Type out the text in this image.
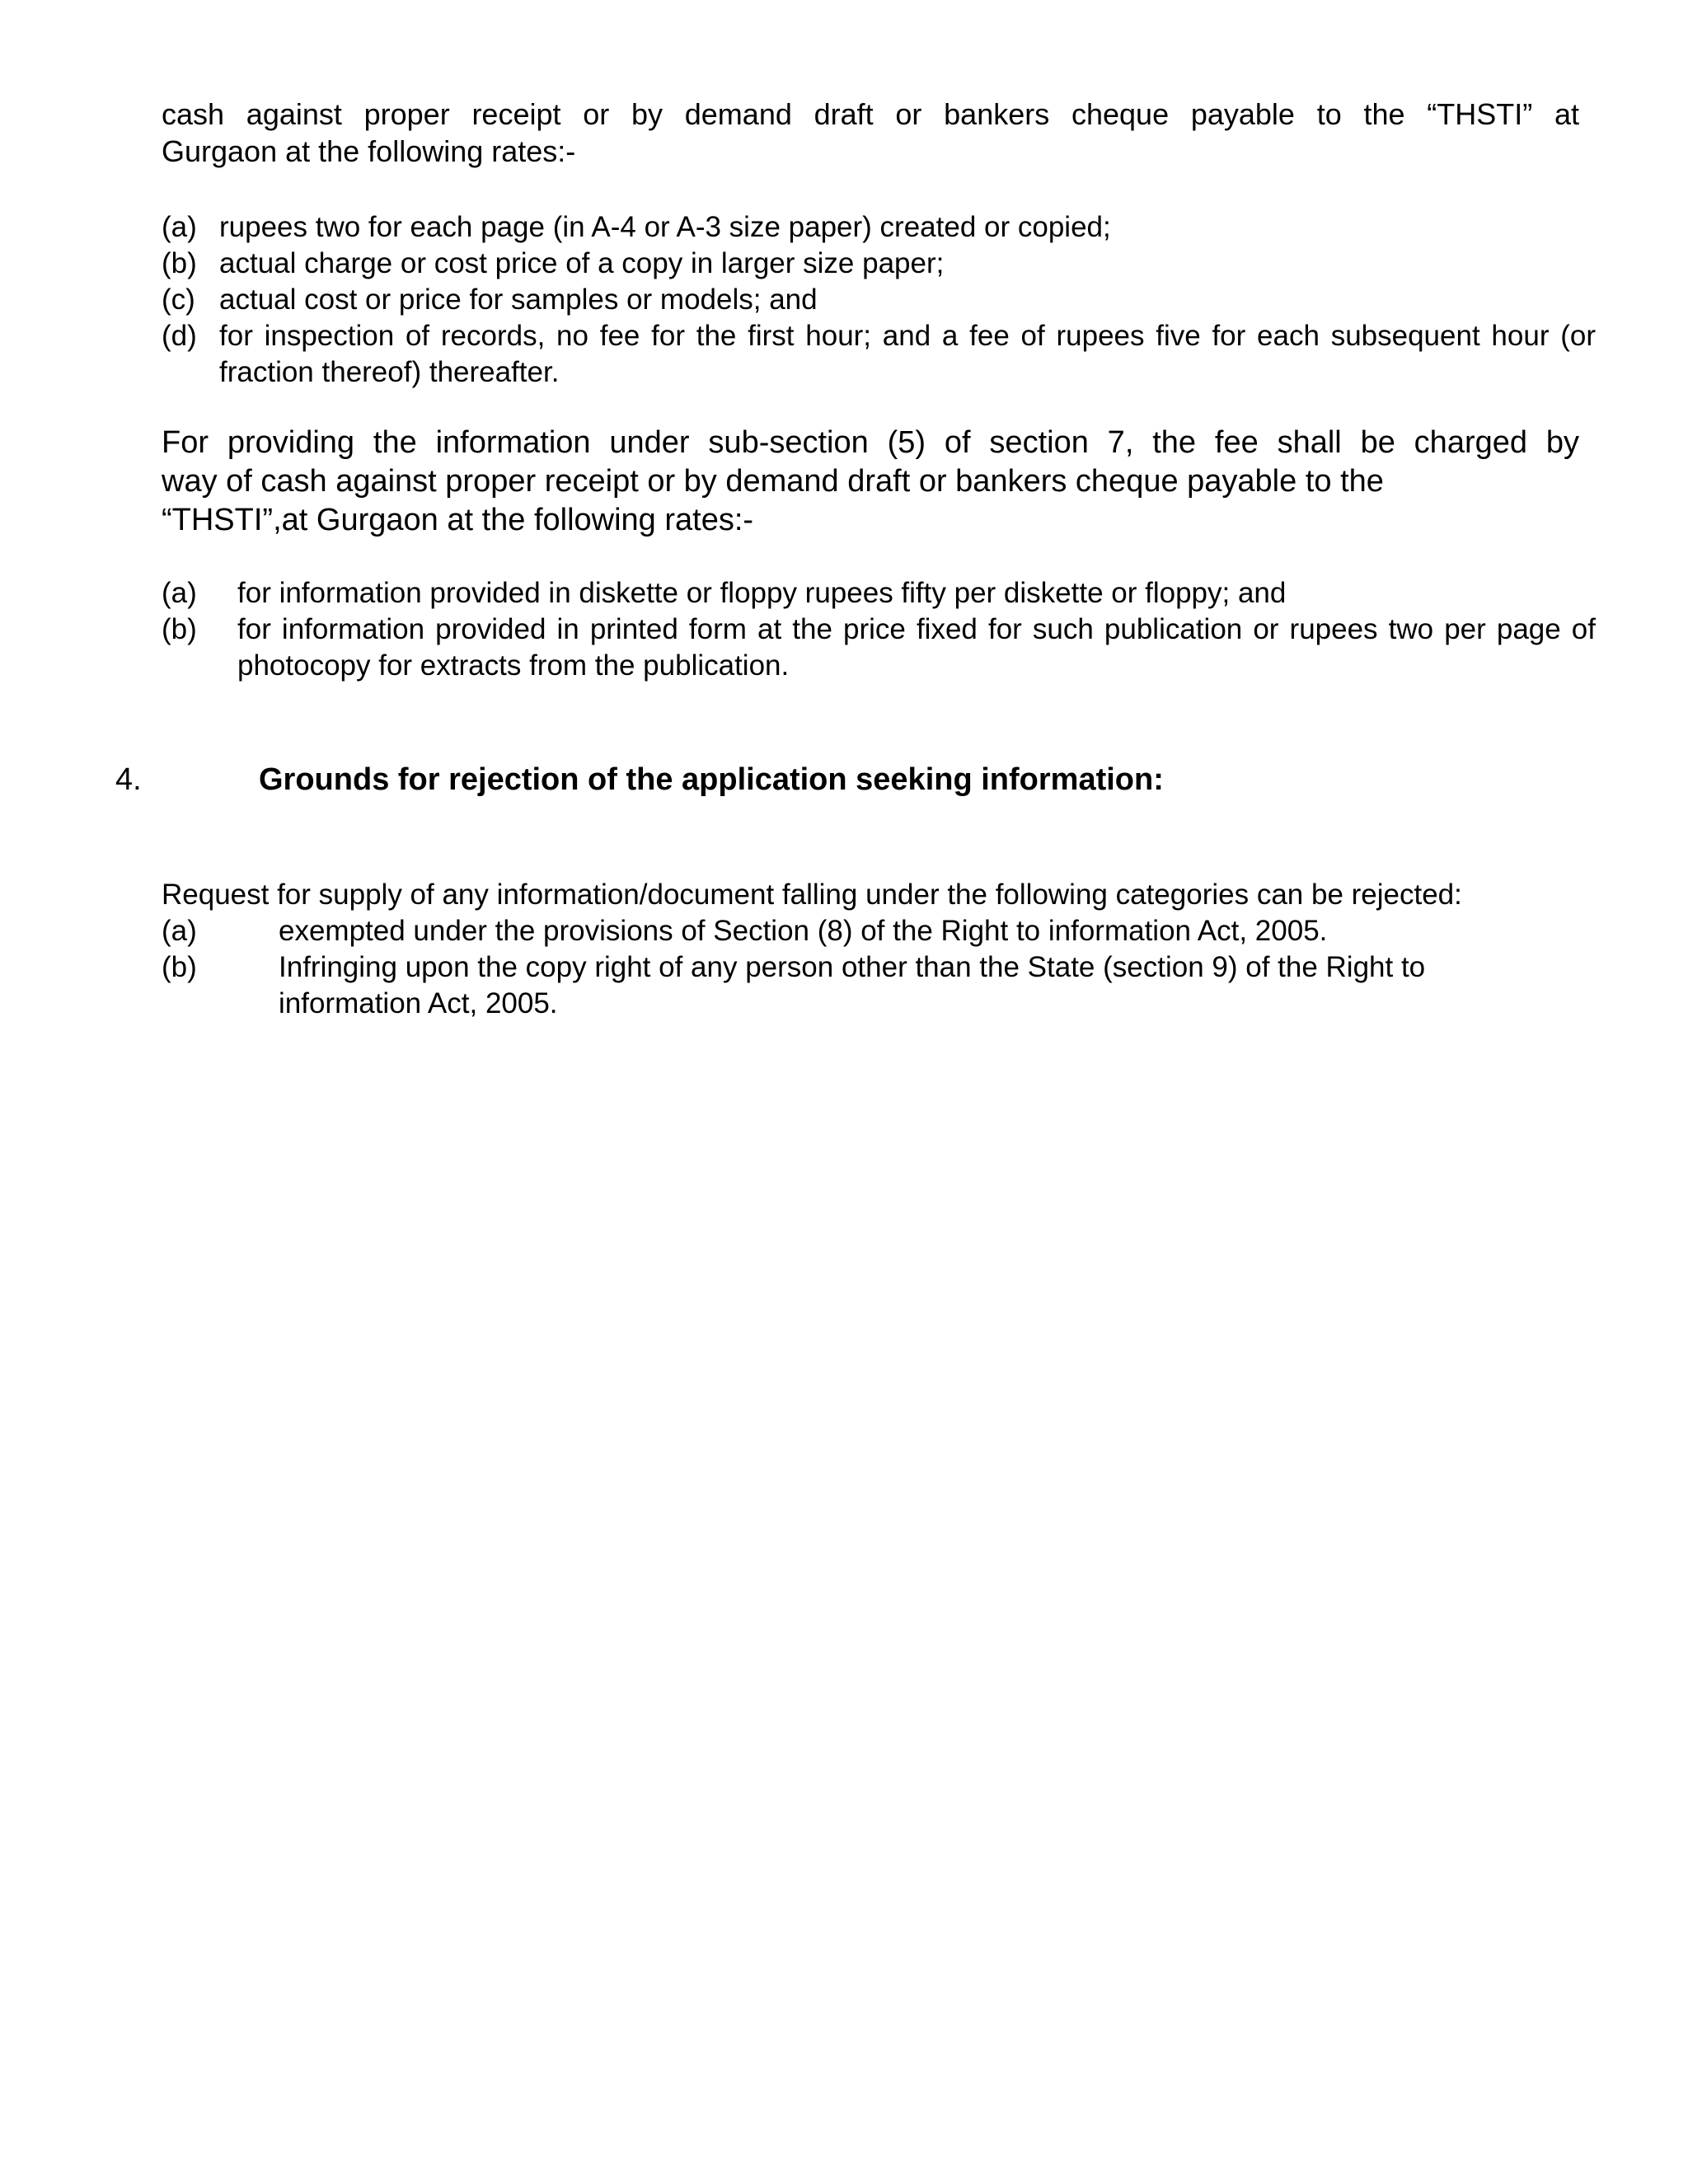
cash against proper receipt or by demand draft or bankers cheque payable to the “THSTI” at
Gurgaon at the following rates:-
(a) rupees two for each page (in A-4 or A-3 size paper) created or copied;
(b) actual charge or cost price of a copy in larger size paper;
(c) actual cost or price for samples or models; and
(d) for inspection of records, no fee for the first hour; and a fee of rupees five for each subsequent hour (or fraction thereof) thereafter.
For providing the information under sub-section (5) of section 7, the fee shall be charged by
way of cash against proper receipt or by demand draft or bankers cheque payable to the
“THSTI”,at Gurgaon at the following rates:-
(a) for information provided in diskette or floppy rupees fifty per diskette or floppy; and
(b) for information provided in printed form at the price fixed for such publication or rupees two per page of photocopy for extracts from the publication.
4.	Grounds for rejection of the application seeking information:
Request for supply of any information/document falling under the following categories can be rejected:
(a)	exempted under the provisions of Section (8) of the Right to information Act, 2005.
(b)	Infringing upon the copy right of any person other than the State (section 9) of the Right to information Act, 2005.
